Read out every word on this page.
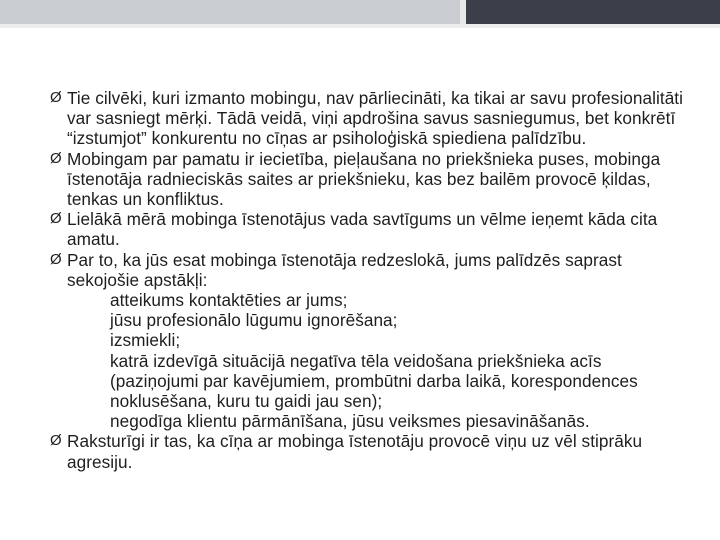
Ø Tie cilvēki, kuri izmanto mobingu, nav pārliecināti, ka tikai ar savu profesionalitāti var sasniegt mērķi. Tādā veidā, viņi apdrošina savus sasniegumus, bet konkrētī “izstumjot” konkurentu no cīņas ar psiholoģiskā spiediena palīdzību.
Ø Mobingam par pamatu ir iecietība, pieļaušana no priekšnieka puses, mobinga īstenotāja radnieciskās saites ar priekšnieku, kas bez bailēm provocē ķildas, tenkas un konfliktus.
Ø Lielākā mērā mobinga īstenotājus vada savtīgums un vēlme ieņemt kāda cita amatu.
Ø Par to, ka jūs esat mobinga īstenotāja redzeslokā, jums palīdzēs saprast sekojošie apstākļi:
atteikums kontaktēties ar jums;
jūsu profesionālo lūgumu ignorēšana;
izsmiekli;
katrā izdevīgā situācijā negatīva tēla veidošana priekšnieka acīs (paziņojumi par kavējumiem, prombūtni darba laikā, korespondences noklusēšana, kuru tu gaidi jau sen);
negodīga klientu pārmānīšana, jūsu veiksmes piesavināšanās.
Ø Raksturīgi ir tas, ka cīņa ar mobinga īstenotāju provocē viņu uz vēl stiprāku agresiju.
